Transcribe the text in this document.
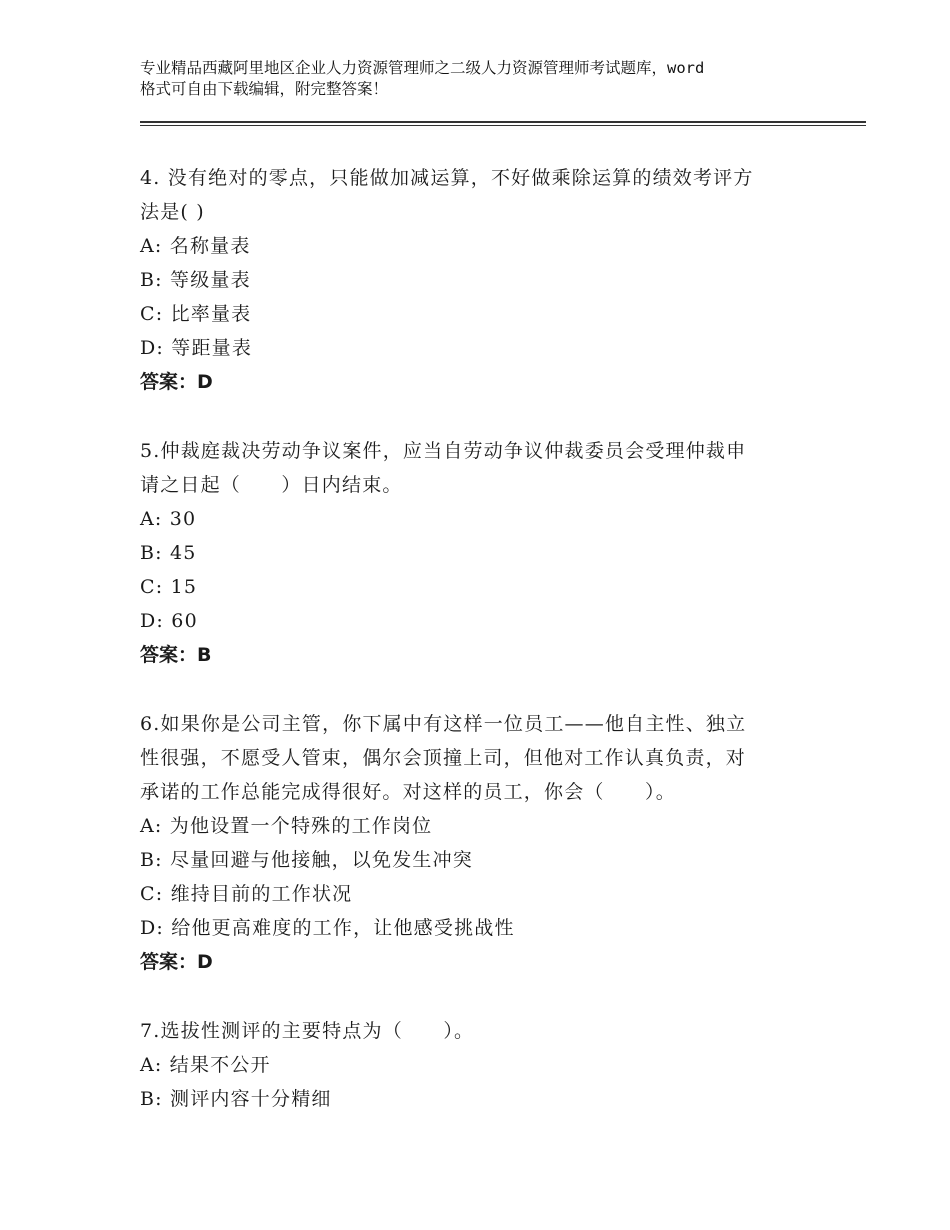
专业精品西藏阿里地区企业人力资源管理师之二级人力资源管理师考试题库，word
格式可自由下载编辑，附完整答案！
4. 没有绝对的零点，只能做加减运算，不好做乘除运算的绩效考评方
法是( )
A: 名称量表
B: 等级量表
C: 比率量表
D: 等距量表
答案：D
5.仲裁庭裁决劳动争议案件，应当自劳动争议仲裁委员会受理仲裁申
请之日起（　　）日内结束。
A: 30
B: 45
C: 15
D: 60
答案：B
6.如果你是公司主管，你下属中有这样一位员工——他自主性、独立
性很强，不愿受人管束，偶尔会顶撞上司，但他对工作认真负责，对
承诺的工作总能完成得很好。对这样的员工，你会（　　）。
A: 为他设置一个特殊的工作岗位
B: 尽量回避与他接触，以免发生冲突
C: 维持目前的工作状况
D: 给他更高难度的工作，让他感受挑战性
答案：D
7.选拔性测评的主要特点为（　　）。
A: 结果不公开
B: 测评内容十分精细
